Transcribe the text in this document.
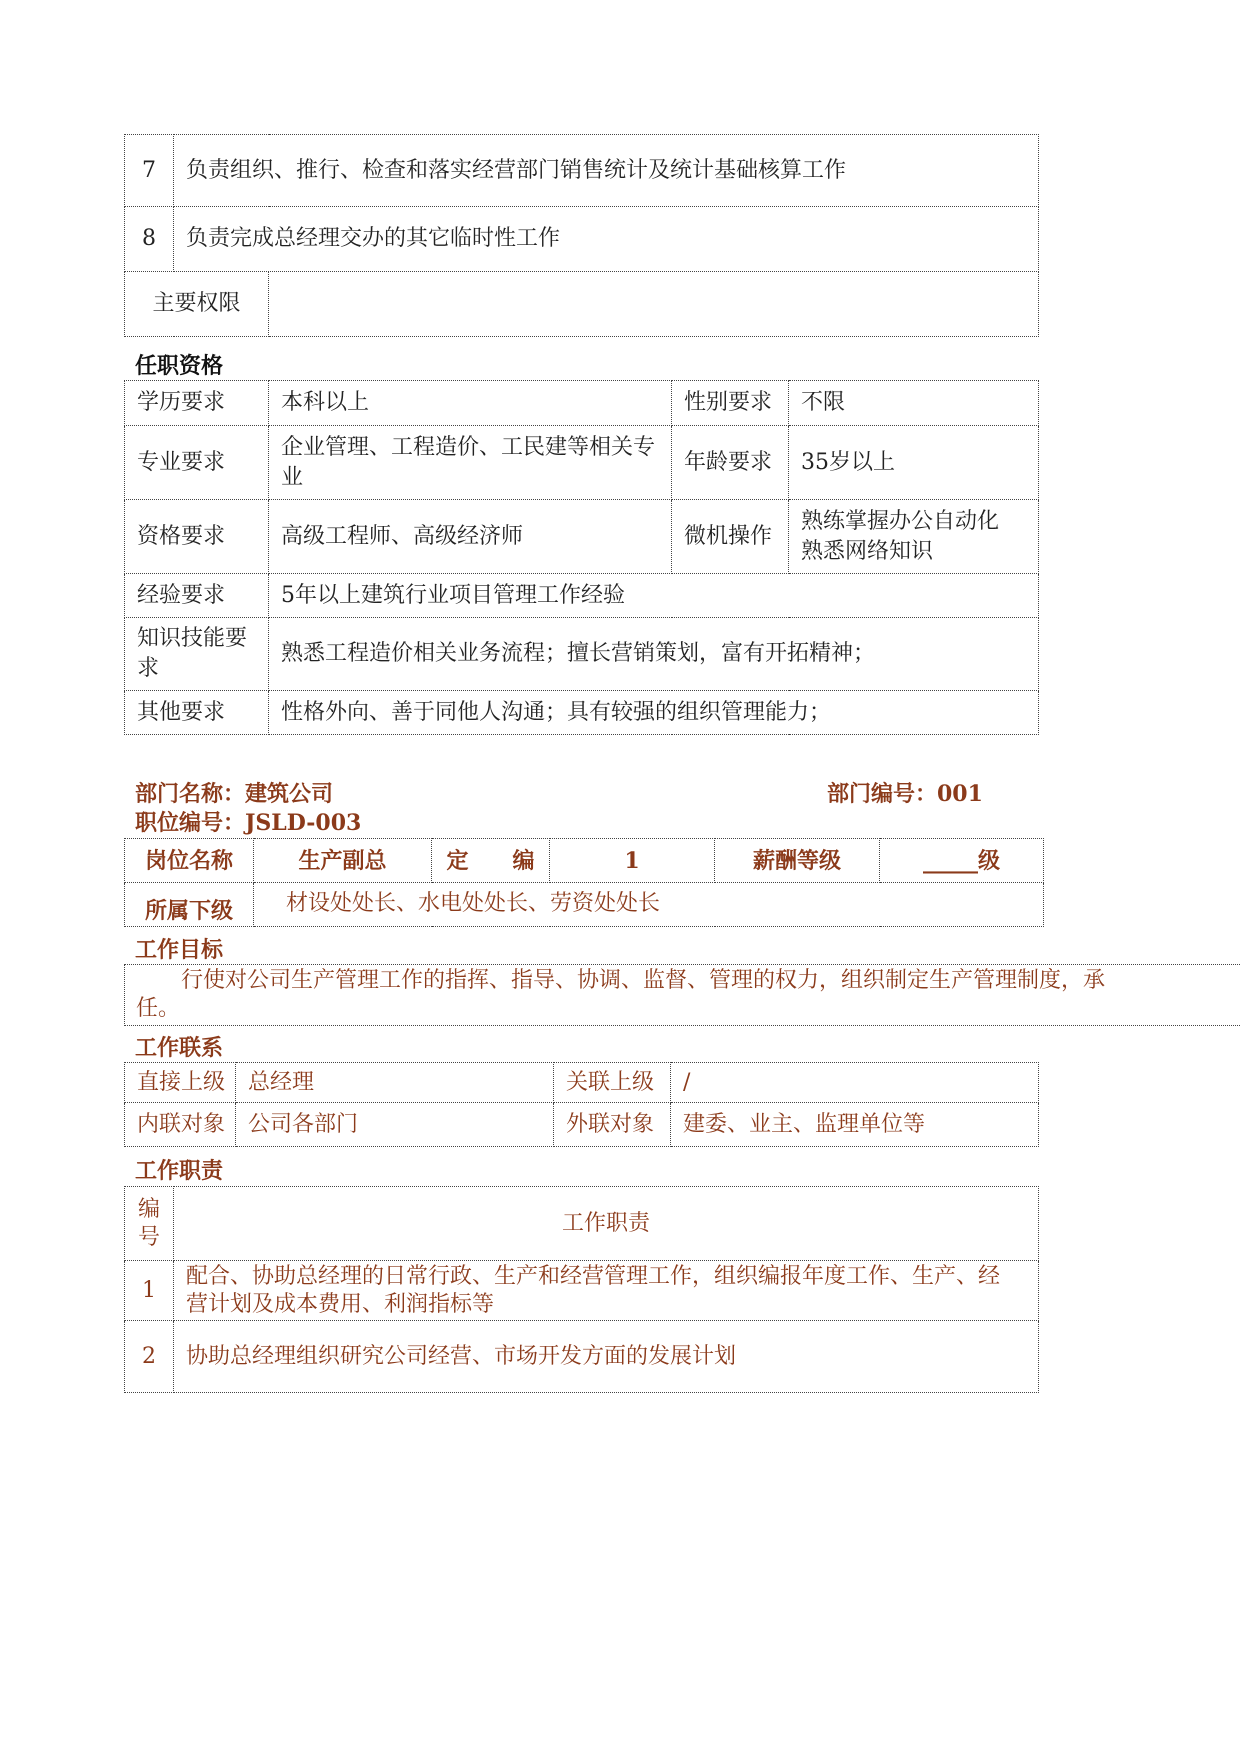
7	负责组织、推行、检查和落实经营部门销售统计及统计基础核算工作	
8	负责完成总经理交办的其它临时性工作	
主要权限		
任职资格
学历要求	本科以上	性别要求	不限
专业要求	企业管理、工程造价、工民建等相关专业	年龄要求	35岁以上
资格要求	高级工程师、高级经济师	微机操作	熟练掌握办公自动化
熟悉网络知识

经验要求	5年以上建筑行业项目管理工作经验		
知识技能要求	熟悉工程造价相关业务流程；擅长营销策划，富有开拓精神；		
其他要求	性格外向、善于同他人沟通；具有较强的组织管理能力；		
部门名称：建筑公司	部门编号：001
职位编号：JSLD-003
岗位名称	生产副总	定　　编	1	薪酬等级	_____级
所属下级	材设处处长、水电处处长、劳资处处长				
工作目标
行使对公司生产管理工作的指挥、指导、协调、监督、管理的权力，组织制定生产管理制度，承
任。
工作联系
直接上级	总经理	关联上级	/
内联对象	公司各部门	外联对象	建委、业主、监理单位等
工作职责
编
号	工作职责
1	配合、协助总经理的日常行政、生产和经营管理工作，组织编报年度工作、生产、经
营计划及成本费用、利润指标等

2	协助总经理组织研究公司经营、市场开发方面的发展计划
